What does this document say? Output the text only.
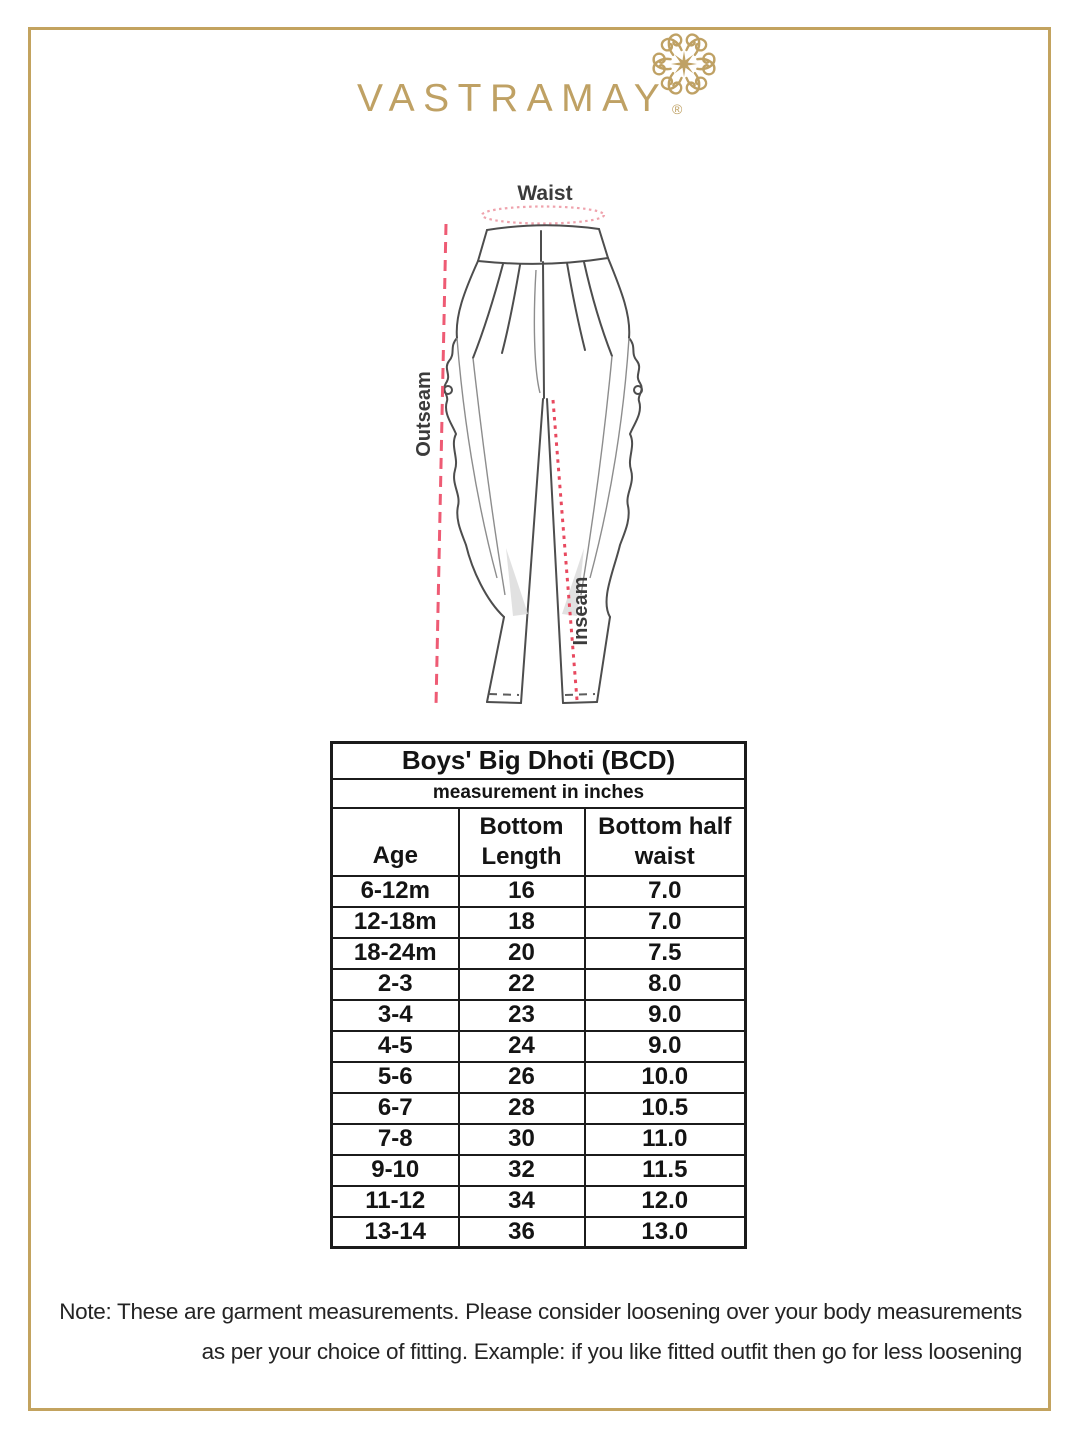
VASTRAMAY ®
Waist
Outseam
Inseam
Boys' Big Dhoti (BCD)		
measurement in inches		
Age	Bottom Length	Bottom half waist
6-12m	16	7.0
12-18m	18	7.0
18-24m	20	7.5
2-3	22	8.0
3-4	23	9.0
4-5	24	9.0
5-6	26	10.0
6-7	28	10.5
7-8	30	11.0
9-10	32	11.5
11-12	34	12.0
13-14	36	13.0
Note: These are garment measurements. Please consider loosening over your body measurements
as per your choice of fitting. Example: if you like fitted outfit then go for less loosening
